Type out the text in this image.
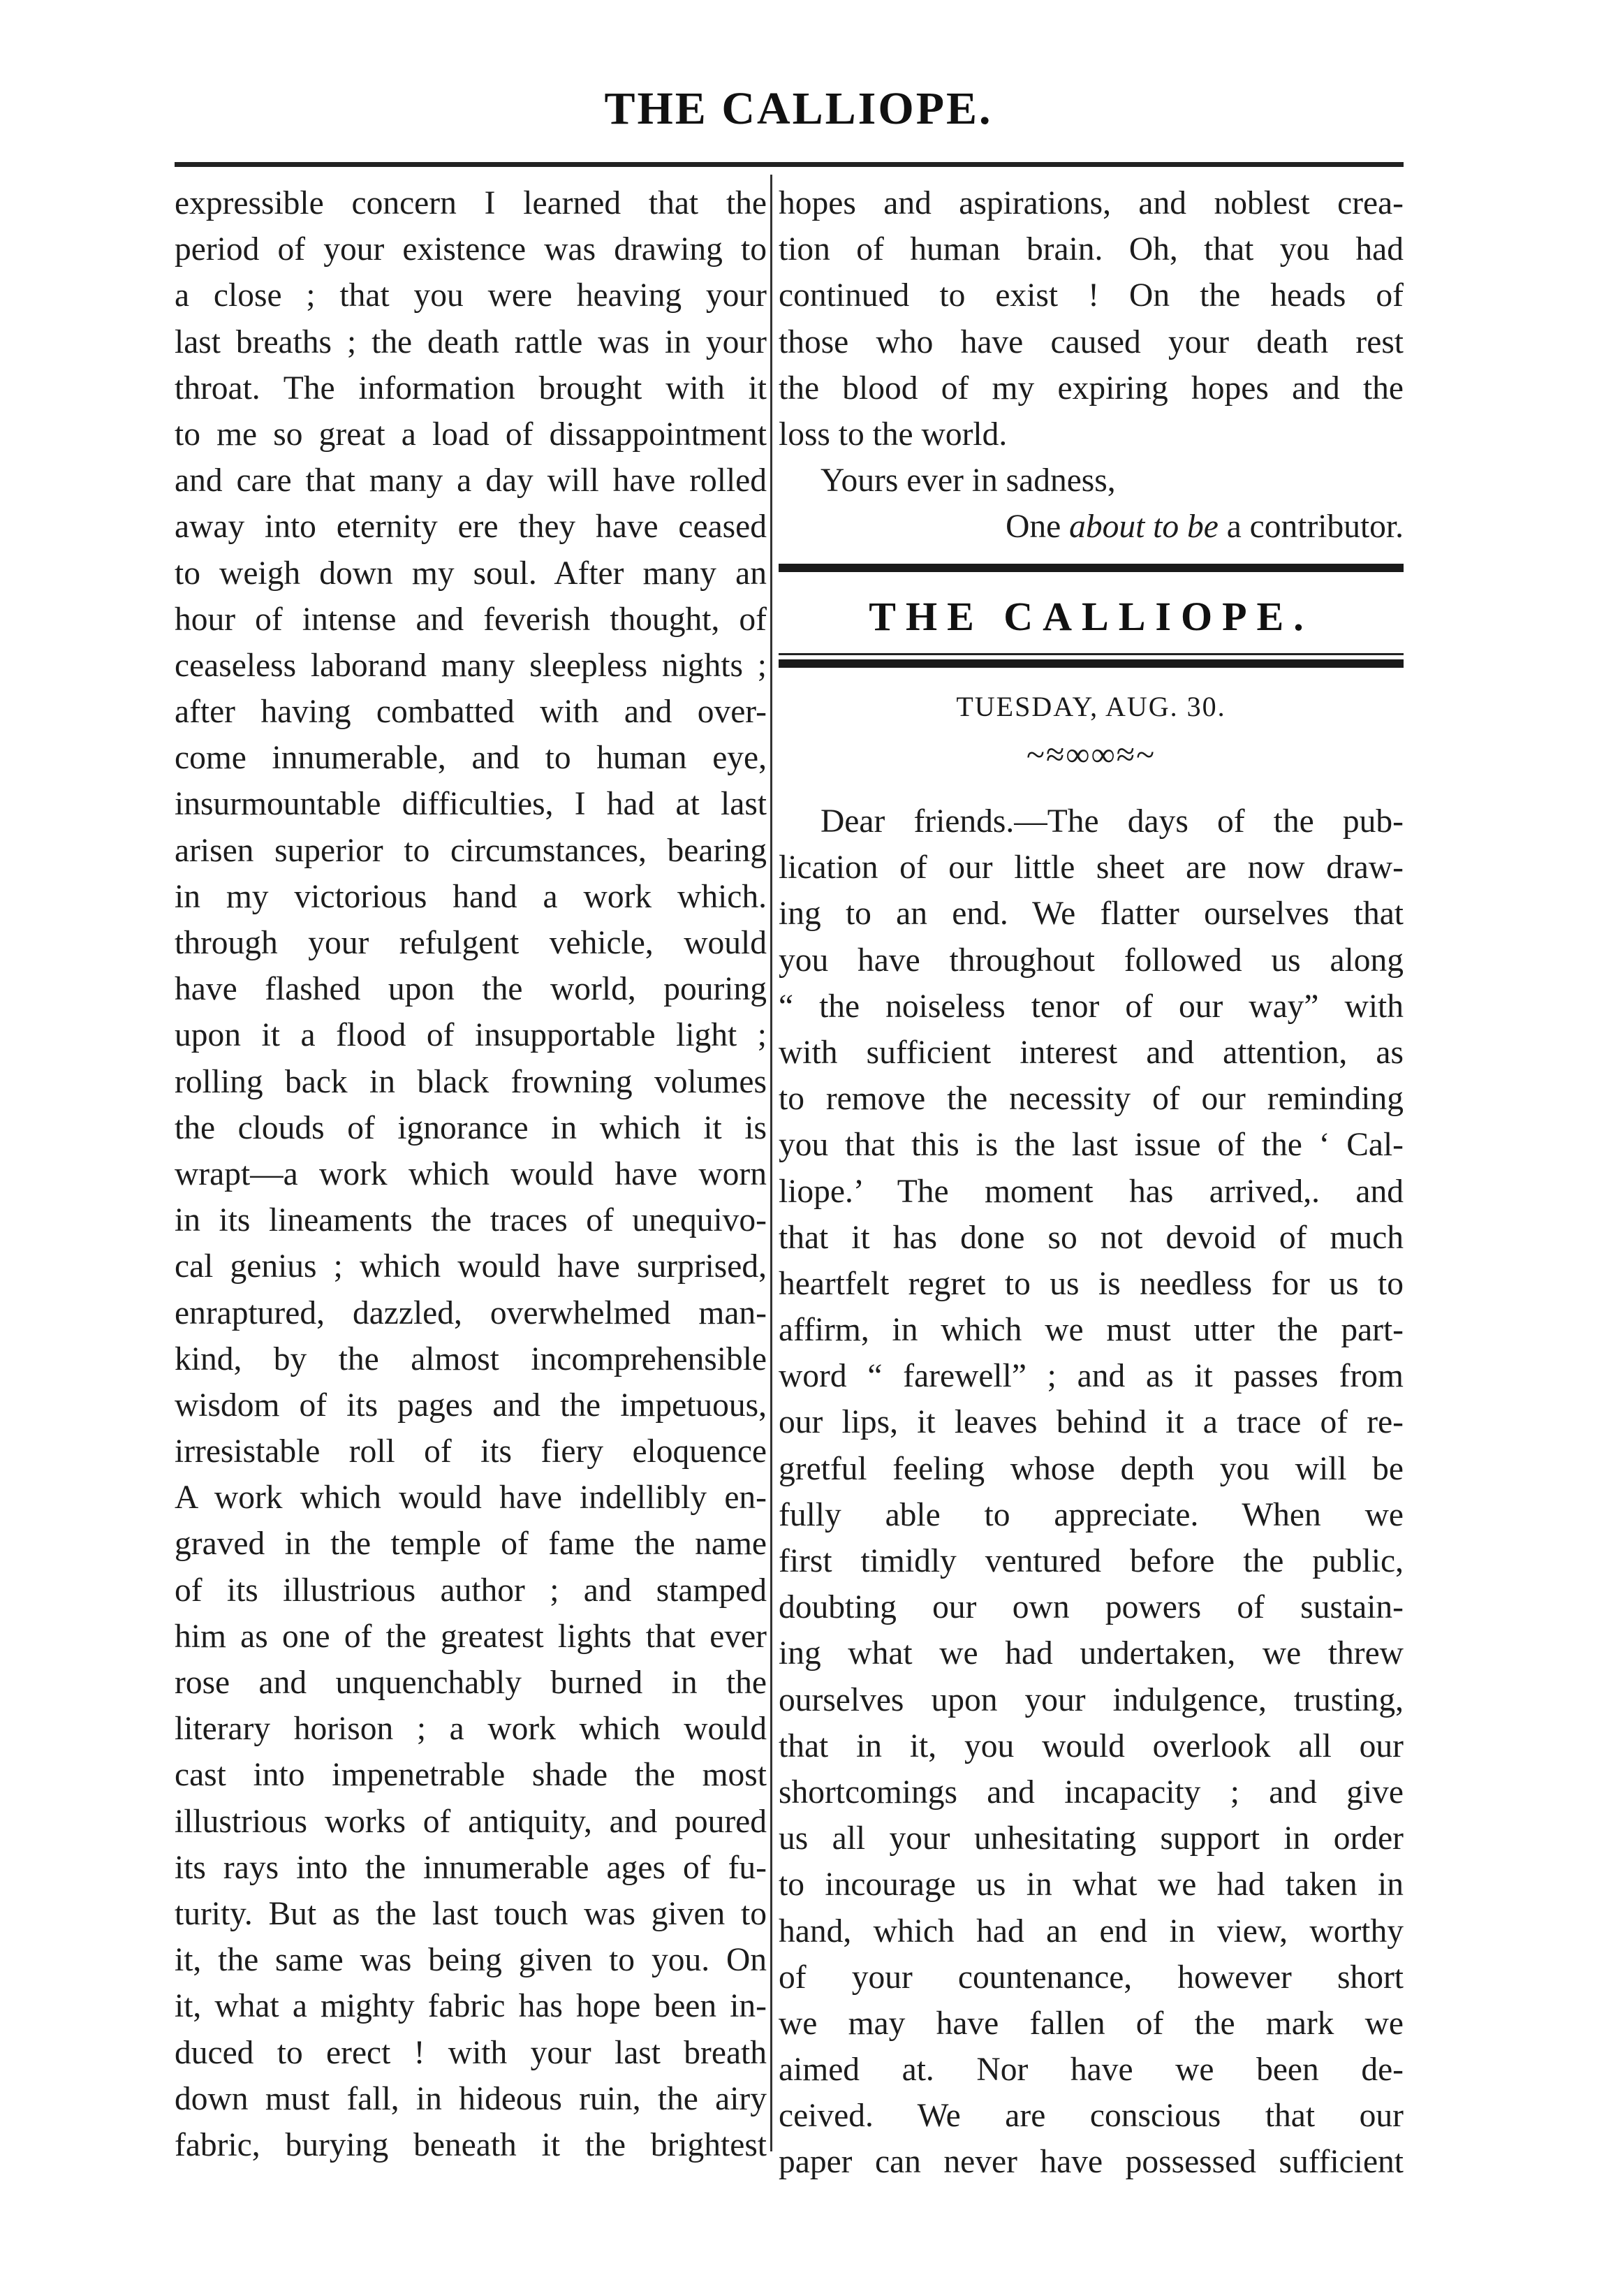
THE CALLIOPE.
expressible concern I learned that the
period of your existence was drawing to
a close ; that you were heaving your
last breaths ; the death rattle was in your
throat. The information brought with it
to me so great a load of dissappointment
and care that many a day will have rolled
away into eternity ere they have ceased
to weigh down my soul. After many an
hour of intense and feverish thought, of
ceaseless laborand many sleepless nights ;
after having combatted with and over-
come innumerable, and to human eye,
insurmountable difficulties, I had at last
arisen superior to circumstances, bearing
in my victorious hand a work which.
through your refulgent vehicle, would
have flashed upon the world, pouring
upon it a flood of insupportable light ;
rolling back in black frowning volumes
the clouds of ignorance in which it is
wrapt—a work which would have worn
in its lineaments the traces of unequivo-
cal genius ; which would have surprised,
enraptured, dazzled, overwhelmed man-
kind, by the almost incomprehensible
wisdom of its pages and the impetuous,
irresistable roll of its fiery eloquence
A work which would have indellibly en-
graved in the temple of fame the name
of its illustrious author ; and stamped
him as one of the greatest lights that ever
rose and unquenchably burned in the
literary horison ; a work which would
cast into impenetrable shade the most
illustrious works of antiquity, and poured
its rays into the innumerable ages of fu-
turity. But as the last touch was given to
it, the same was being given to you. On
it, what a mighty fabric has hope been in-
duced to erect ! with your last breath
down must fall, in hideous ruin, the airy
fabric, burying beneath it the brightest
hopes and aspirations, and noblest crea-
tion of human brain. Oh, that you had
continued to exist ! On the heads of
those who have caused your death rest
the blood of my expiring hopes and the
loss to the world.
Yours ever in sadness,
One about to be a contributor.
THE CALLIOPE.
TUESDAY, AUG. 30.
~≈∞∞≈~
Dear friends.—The days of the pub-
lication of our little sheet are now draw-
ing to an end. We flatter ourselves that
you have throughout followed us along
“ the noiseless tenor of our way” with
with sufficient interest and attention, as
to remove the necessity of our reminding
you that this is the last issue of the ‘ Cal-
liope.’ The moment has arrived,. and
that it has done so not devoid of much
heartfelt regret to us is needless for us to
affirm, in which we must utter the part-
word “ farewell” ; and as it passes from
our lips, it leaves behind it a trace of re-
gretful feeling whose depth you will be
fully able to appreciate. When we
first timidly ventured before the public,
doubting our own powers of sustain-
ing what we had undertaken, we threw
ourselves upon your indulgence, trusting,
that in it, you would overlook all our
shortcomings and incapacity ; and give
us all your unhesitating support in order
to incourage us in what we had taken in
hand, which had an end in view, worthy
of your countenance, however short
we may have fallen of the mark we
aimed at. Nor have we been de-
ceived. We are conscious that our
paper can never have possessed sufficient
